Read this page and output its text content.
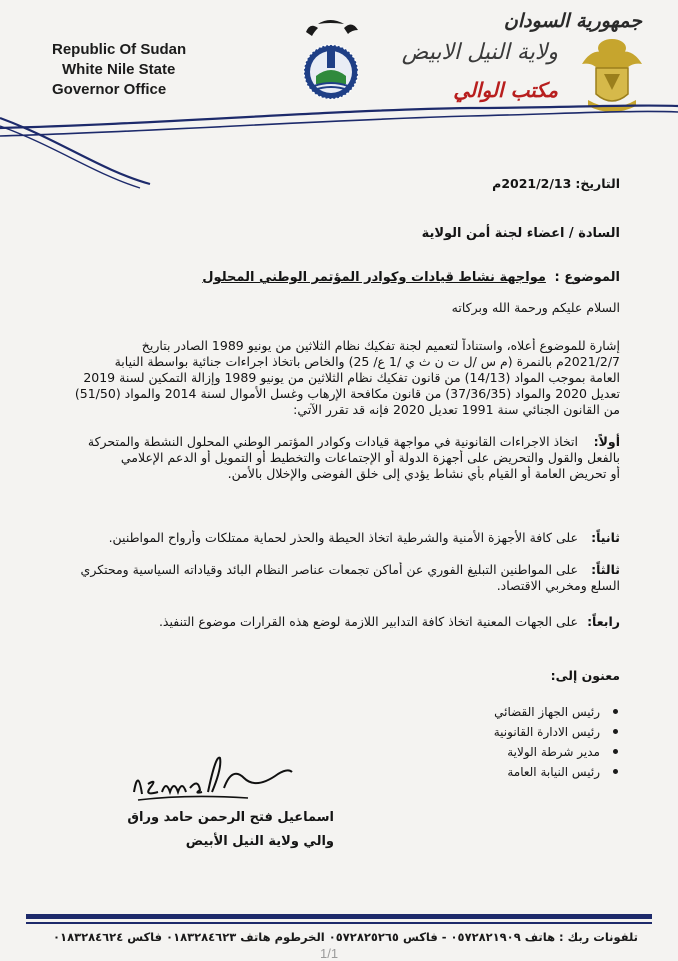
Republic Of Sudan
White Nile State
Governor Office
جمهورية السودان
ولاية النيل الابيض
مكتب الوالي
التاريخ:2021/2/13م
السادة / اعضاء لجنة أمن الولاية
الموضوع : مواجهة نشاط قيادات وكوادر المؤتمر الوطني المحلول
السلام عليكم ورحمة الله وبركاته
إشارة للموضوع أعلاه، واستناداً لتعميم لجنة تفكيك نظام الثلاثين من يونيو 1989 الصادر بتاريخ
2021/2/7م بالنمرة (م س /ل ت ن ث ي /1 ع/ 25) والخاص باتخاذ اجراءات جنائية بواسطة النيابة
العامة بموجب المواد (14/13) من قانون تفكيك نظام الثلاثين من يونيو 1989 وإزالة التمكين لسنة 2019
تعديل 2020 والمواد (37/36/35) من قانون مكافحة الإرهاب وغسل الأموال لسنة 2014 والمواد (51/50)
من القانون الجنائي سنة 1991 تعديل 2020 فإنه قد تقرر الآتي:
أولاً:
اتخاذ الاجراءات القانونية في مواجهة قيادات وكوادر المؤتمر الوطني المحلول النشطة والمتحركة
بالفعل والقول والتحريض على أجهزة الدولة أو الإجتماعات والتخطيط أو التمويل أو الدعم الإعلامي
أو تحريض العامة أو القيام بأي نشاط يؤدي إلى خلق الفوضى والإخلال بالأمن.
ثانياً:
على كافة الأجهزة الأمنية والشرطية اتخاذ الحيطة والحذر لحماية ممتلكات وأرواح المواطنين.
ثالثاً:
على المواطنين التبليغ الفوري عن أماكن تجمعات عناصر النظام البائد وقياداته السياسية ومحتكري
السلع ومخربي الاقتصاد.
رابعاً:
على الجهات المعنية اتخاذ كافة التدابير اللازمة لوضع هذه القرارات موضوع التنفيذ.
معنون إلى:
رئيس الجهاز القضائي
رئيس الادارة القانونية
مدير شرطة الولاية
رئيس النيابة العامة
اسماعيل فتح الرحمن حامد وراق
والي ولاية النيل الأبيض
تلفونات ربك : هاتف ٠٥٧٢٨٢١٩٠٩ - فاكس ٠٥٧٢٨٢٥٢٦٥ الخرطوم هاتف ٠١٨٣٢٨٤٦٢٣ فاكس ٠١٨٣٢٨٤٦٢٤
1/1
